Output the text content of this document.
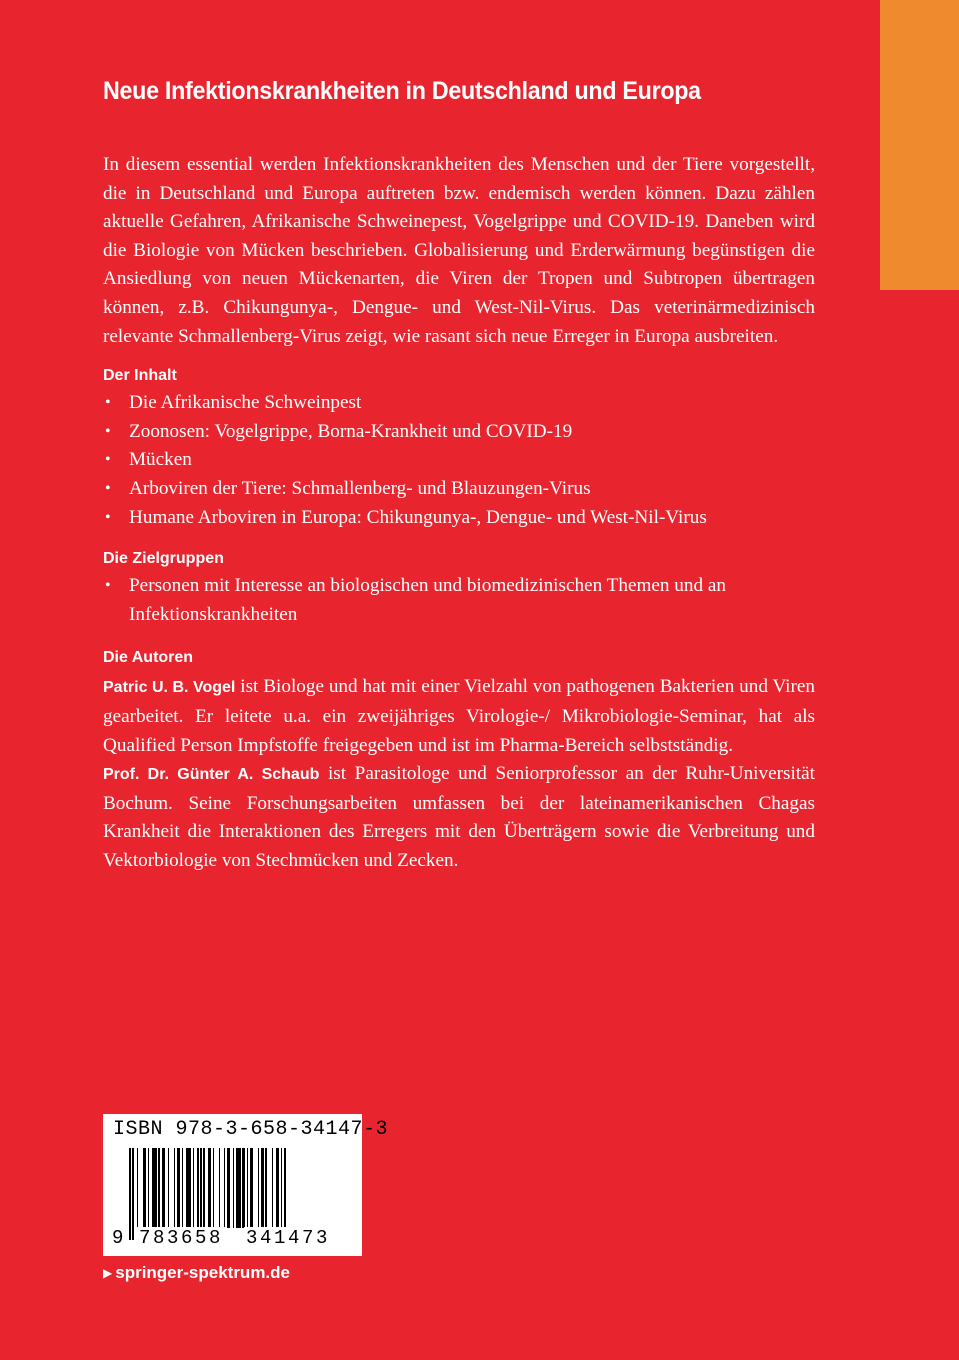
Neue Infektionskrankheiten in Deutschland und Europa

In diesem essential werden Infektionskrankheiten des Menschen und der Tiere vorgestellt, die in Deutschland und Europa auftreten bzw. endemisch werden können. Dazu zählen aktuelle Gefahren, Afrikanische Schweinepest, Vogelgrippe und COVID-19. Daneben wird die Biologie von Mücken beschrieben. Globalisierung und Erderwärmung begünstigen die Ansiedlung von neuen Mückenarten, die Viren der Tropen und Subtropen übertragen können, z.B. Chikungunya-, Dengue- und West-Nil-Virus. Das veterinärmedizinisch relevante Schmallenberg-Virus zeigt, wie rasant sich neue Erreger in Europa ausbreiten.

Der Inhalt
• Die Afrikanische Schweinpest
• Zoonosen: Vogelgrippe, Borna-Krankheit und COVID-19
• Mücken
• Arboviren der Tiere: Schmallenberg- und Blauzungen-Virus
• Humane Arboviren in Europa: Chikungunya-, Dengue- und West-Nil-Virus
Die Zielgruppen
• Personen mit Interesse an biologischen und biomedizinischen Themen und an Infektionskrankheiten
Die Autoren

Patric U. B. Vogel ist Biologe und hat mit einer Vielzahl von pathogenen Bakterien und Viren gearbeitet. Er leitete u.a. ein zweijähriges Virologie-/ Mikrobiologie-Seminar, hat als Qualified Person Impfstoffe freigegeben und ist im Pharma-Bereich selbstständig.

Prof. Dr. Günter A. Schaub ist Parasitologe und Seniorprofessor an der Ruhr-Universität Bochum. Seine Forschungsarbeiten umfassen bei der lateinamerikanischen Chagas Krankheit die Interaktionen des Erregers mit den Überträgern sowie die Verbreitung und Vektorbiologie von Stechmücken und Zecken.

ISBN 978-3-658-34147-3
9 783658 341473
▶ springer-spektrum.de
